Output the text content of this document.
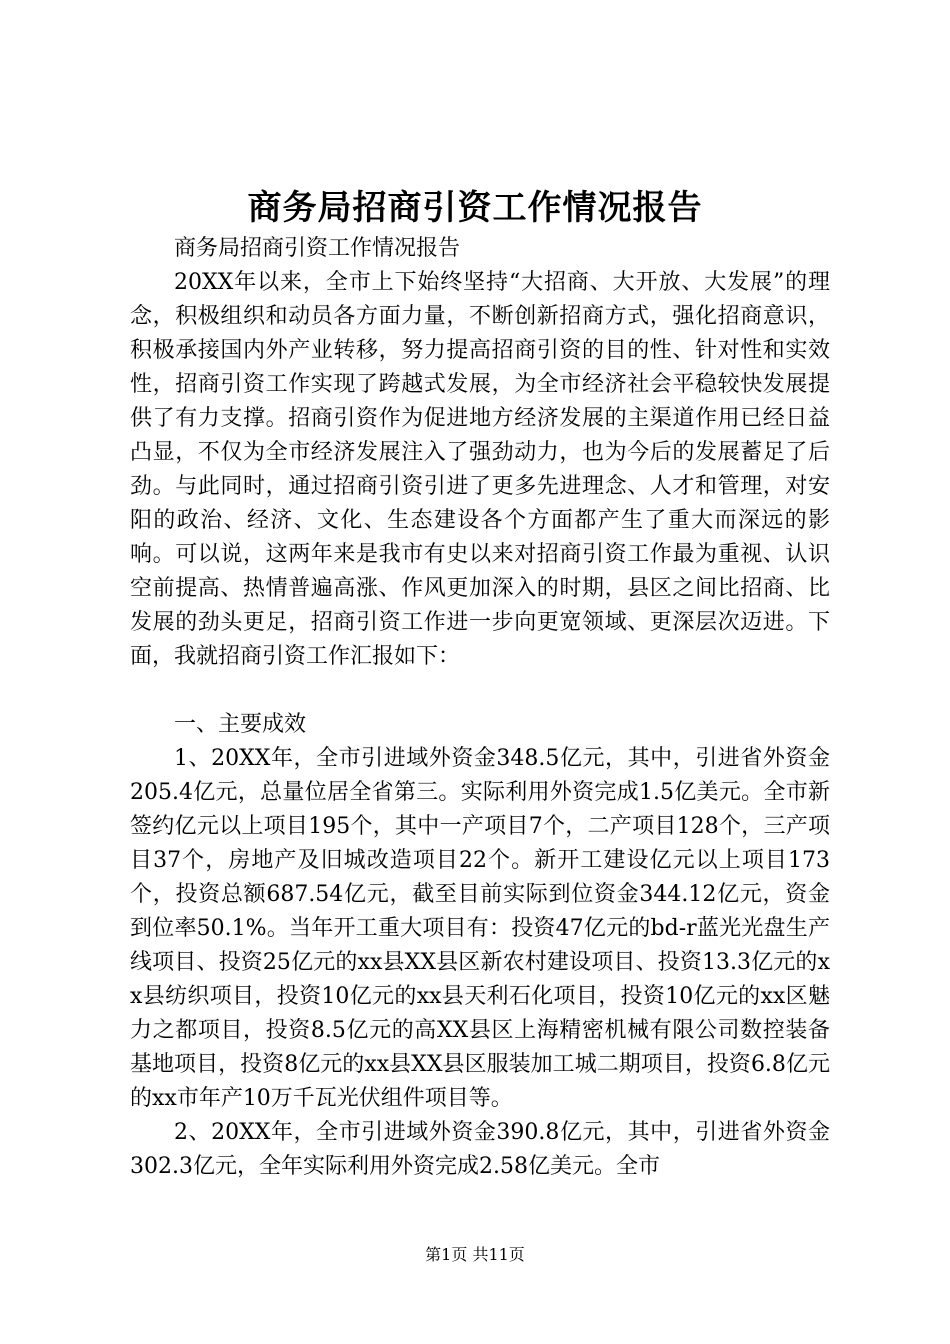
商务局招商引资工作情况报告

商务局招商引资工作情况报告

20XX年以来，全市上下始终坚持“大招商、大开放、大发展”的理念，积极组织和动员各方面力量，不断创新招商方式，强化招商意识，积极承接国内外产业转移，努力提高招商引资的目的性、针对性和实效性，招商引资工作实现了跨越式发展，为全市经济社会平稳较快发展提供了有力支撑。招商引资作为促进地方经济发展的主渠道作用已经日益凸显，不仅为全市经济发展注入了强劲动力，也为今后的发展蓄足了后劲。与此同时，通过招商引资引进了更多先进理念、人才和管理，对安阳的政治、经济、文化、生态建设各个方面都产生了重大而深远的影响。可以说，这两年来是我市有史以来对招商引资工作最为重视、认识空前提高、热情普遍高涨、作风更加深入的时期，县区之间比招商、比发展的劲头更足，招商引资工作进一步向更宽领域、更深层次迈进。下面，我就招商引资工作汇报如下：

一、主要成效

1、20XX年，全市引进域外资金348.5亿元，其中，引进省外资金205.4亿元，总量位居全省第三。实际利用外资完成1.5亿美元。全市新签约亿元以上项目195个，其中一产项目7个，二产项目128个，三产项目37个，房地产及旧城改造项目22个。新开工建设亿元以上项目173个，投资总额687.54亿元，截至目前实际到位资金344.12亿元，资金到位率50.1%。当年开工重大项目有：投资47亿元的bd-r蓝光光盘生产线项目、投资25亿元的xx县XX县区新农村建设项目、投资13.3亿元的xx县纺织项目，投资10亿元的xx县天利石化项目，投资10亿元的xx区魅力之都项目，投资8.5亿元的高XX县区上海精密机械有限公司数控装备基地项目，投资8亿元的xx县XX县区服装加工城二期项目，投资6.8亿元的xx市年产10万千瓦光伏组件项目等。

2、20XX年，全市引进域外资金390.8亿元，其中，引进省外资金302.3亿元，全年实际利用外资完成2.58亿美元。全市

第1页 共11页
